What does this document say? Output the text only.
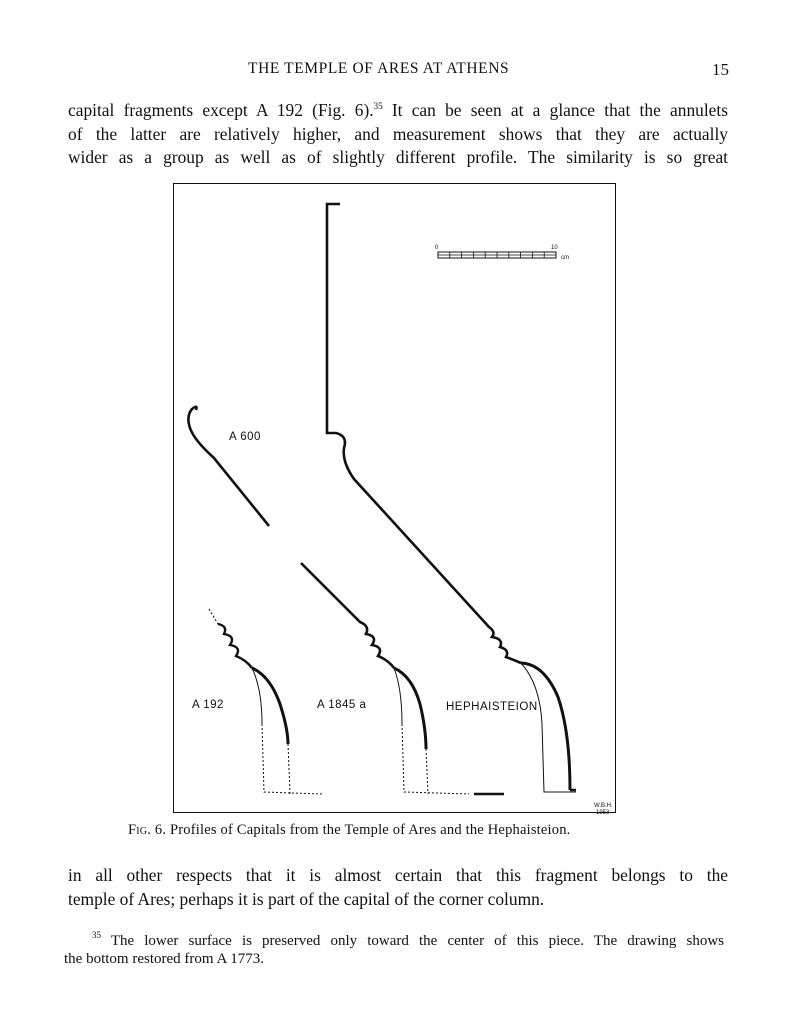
THE TEMPLE OF ARES AT ATHENS	15

capital fragments except A 192 (Fig. 6).$^{35}$ It can be seen at a glance that the annulets
of the latter are relatively higher, and measurement shows that they are actually
wider as a group as well as of slightly different profile. The similarity is so great

0	10
cm
A 600
A 192	A 1845 a	HEPHAISTEION
W.B.H.
1953
Fig. 6. Profiles of Capitals from the Temple of Ares and the Hephaisteion.

in all other respects that it is almost certain that this fragment belongs to the
temple of Ares; perhaps it is part of the capital of the corner column.

$^{35}$ The lower surface is preserved only toward the center of this piece. The drawing shows
the bottom restored from A 1773.
